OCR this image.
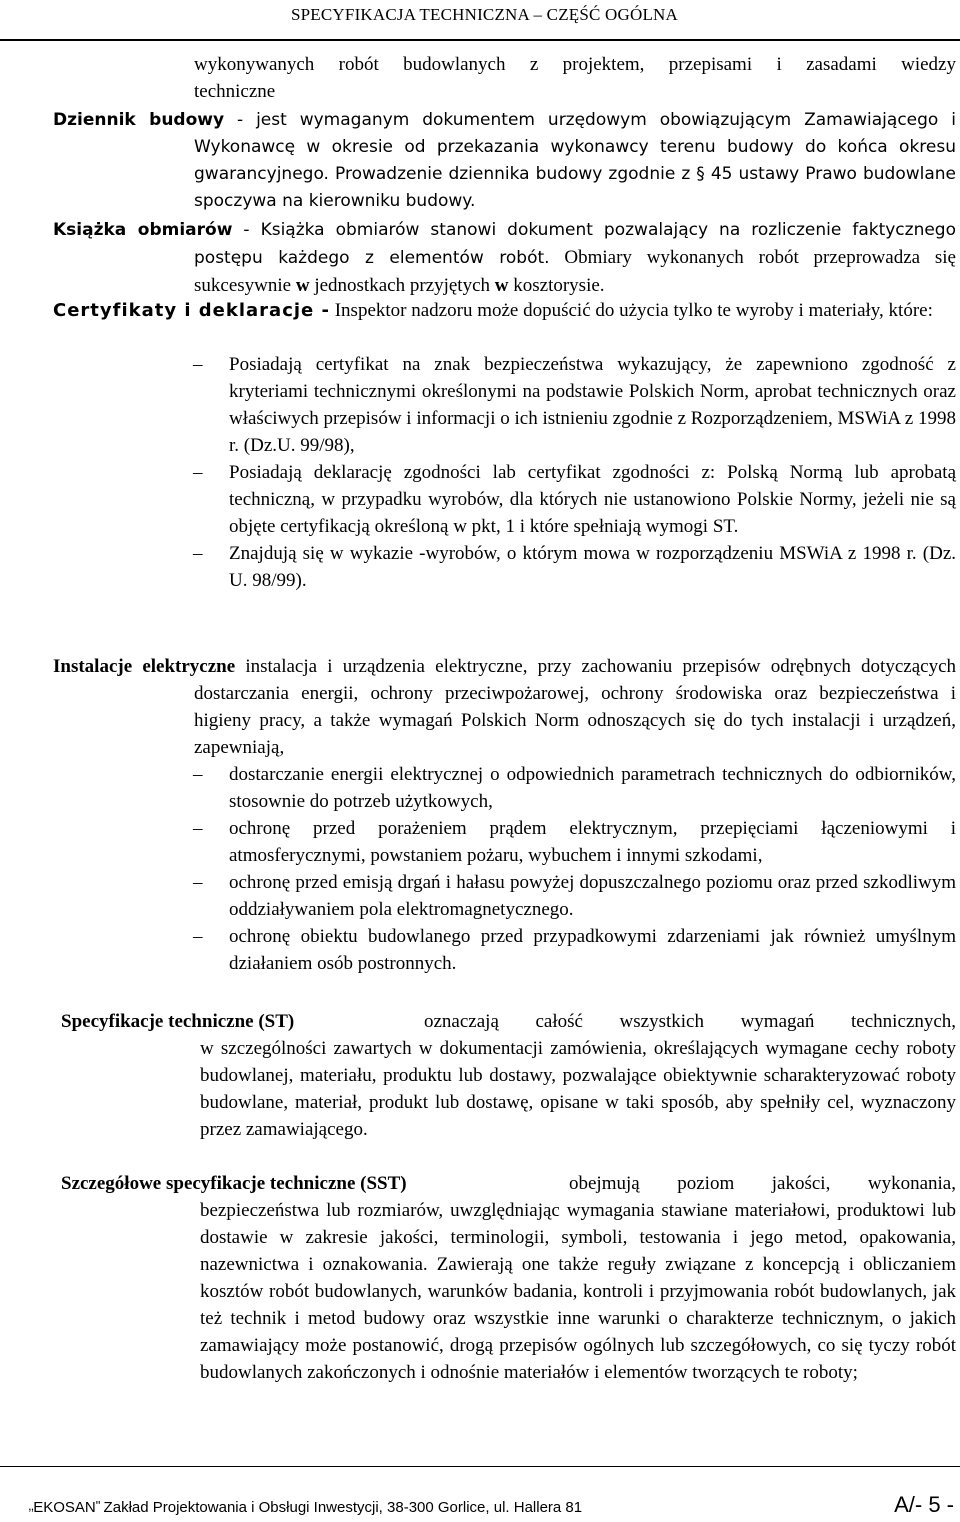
SPECYFIKACJA TECHNICZNA – CZĘŚĆ OGÓLNA
wykonywanych robót budowlanych z projektem, przepisami i zasadami wiedzy
techniczne
Dziennik budowy - jest wymaganym dokumentem urzędowym obowiązującym Zamawiającego i Wykonawcę w okresie od przekazania wykonawcy terenu budowy do końca okresu gwarancyjnego. Prowadzenie dziennika budowy zgodnie z § 45 ustawy Prawo budowlane spoczywa na kierowniku budowy.
Książka obmiarów - Książka obmiarów stanowi dokument pozwalający na rozliczenie faktycznego postępu każdego z elementów robót. Obmiary wykonanych robót przeprowadza się sukcesywnie w jednostkach przyjętych w kosztorysie.
Certyfikaty i deklaracje - Inspektor nadzoru może dopuścić do użycia tylko te wyroby i materiały, które:
– Posiadają certyfikat na znak bezpieczeństwa wykazujący, że zapewniono zgodność z kryteriami technicznymi określonymi na podstawie Polskich Norm, aprobat technicznych oraz właściwych przepisów i informacji o ich istnieniu zgodnie z Rozporządzeniem, MSWiA z 1998 r. (Dz.U. 99/98),
– Posiadają deklarację zgodności lab certyfikat zgodności z: Polską Normą lub aprobatą techniczną, w przypadku wyrobów, dla których nie ustanowiono Polskie Normy, jeżeli nie są objęte certyfikacją określoną w pkt, 1 i które spełniają wymogi ST.
– Znajdują się w wykazie -wyrobów, o którym mowa w rozporządzeniu MSWiA z 1998 r. (Dz. U. 98/99).
Instalacje elektryczne instalacja i urządzenia elektryczne, przy zachowaniu przepisów odrębnych dotyczących dostarczania energii, ochrony przeciwpożarowej, ochrony środowiska oraz bezpieczeństwa i higieny pracy, a także wymagań Polskich Norm odnoszących się do tych instalacji i urządzeń, zapewniają,
– dostarczanie energii elektrycznej o odpowiednich parametrach technicznych do odbiorników, stosownie do potrzeb użytkowych,
– ochronę przed porażeniem prądem elektrycznym, przepięciami łączeniowymi i atmosferycznymi, powstaniem pożaru, wybuchem i innymi szkodami,
– ochronę przed emisją drgań i hałasu powyżej dopuszczalnego poziomu oraz przed szkodliwym oddziaływaniem pola elektromagnetycznego.
– ochronę obiektu budowlanego przed przypadkowymi zdarzeniami jak również umyślnym działaniem osób postronnych.
Specyfikacje techniczne (ST)	oznaczają całość wszystkich wymagań technicznych,
w szczególności zawartych w dokumentacji zamówienia, określających wymagane cechy roboty budowlanej, materiału, produktu lub dostawy, pozwalające obiektywnie scharakteryzować roboty budowlane, materiał, produkt lub dostawę, opisane w taki sposób, aby spełniły cel, wyznaczony przez zamawiającego.
Szczegółowe specyfikacje techniczne (SST)	obejmują poziom jakości, wykonania,
bezpieczeństwa lub rozmiarów, uwzględniając wymagania stawiane materiałowi, produktowi lub dostawie w zakresie jakości, terminologii, symboli, testowania i jego metod, opakowania, nazewnictwa i oznakowania. Zawierają one także reguły związane z koncepcją i obliczaniem kosztów robót budowlanych, warunków badania, kontroli i przyjmowania robót budowlanych, jak też technik i metod budowy oraz wszystkie inne warunki o charakterze technicznym, o jakich zamawiający może postanowić, drogą przepisów ogólnych lub szczegółowych, co się tyczy robót budowlanych zakończonych i odnośnie materiałów i elementów tworzących te roboty;
,,EKOSAN" Zakład Projektowania i Obsługi Inwestycji, 38-300 Gorlice, ul. Hallera 81	A/- 5 -
